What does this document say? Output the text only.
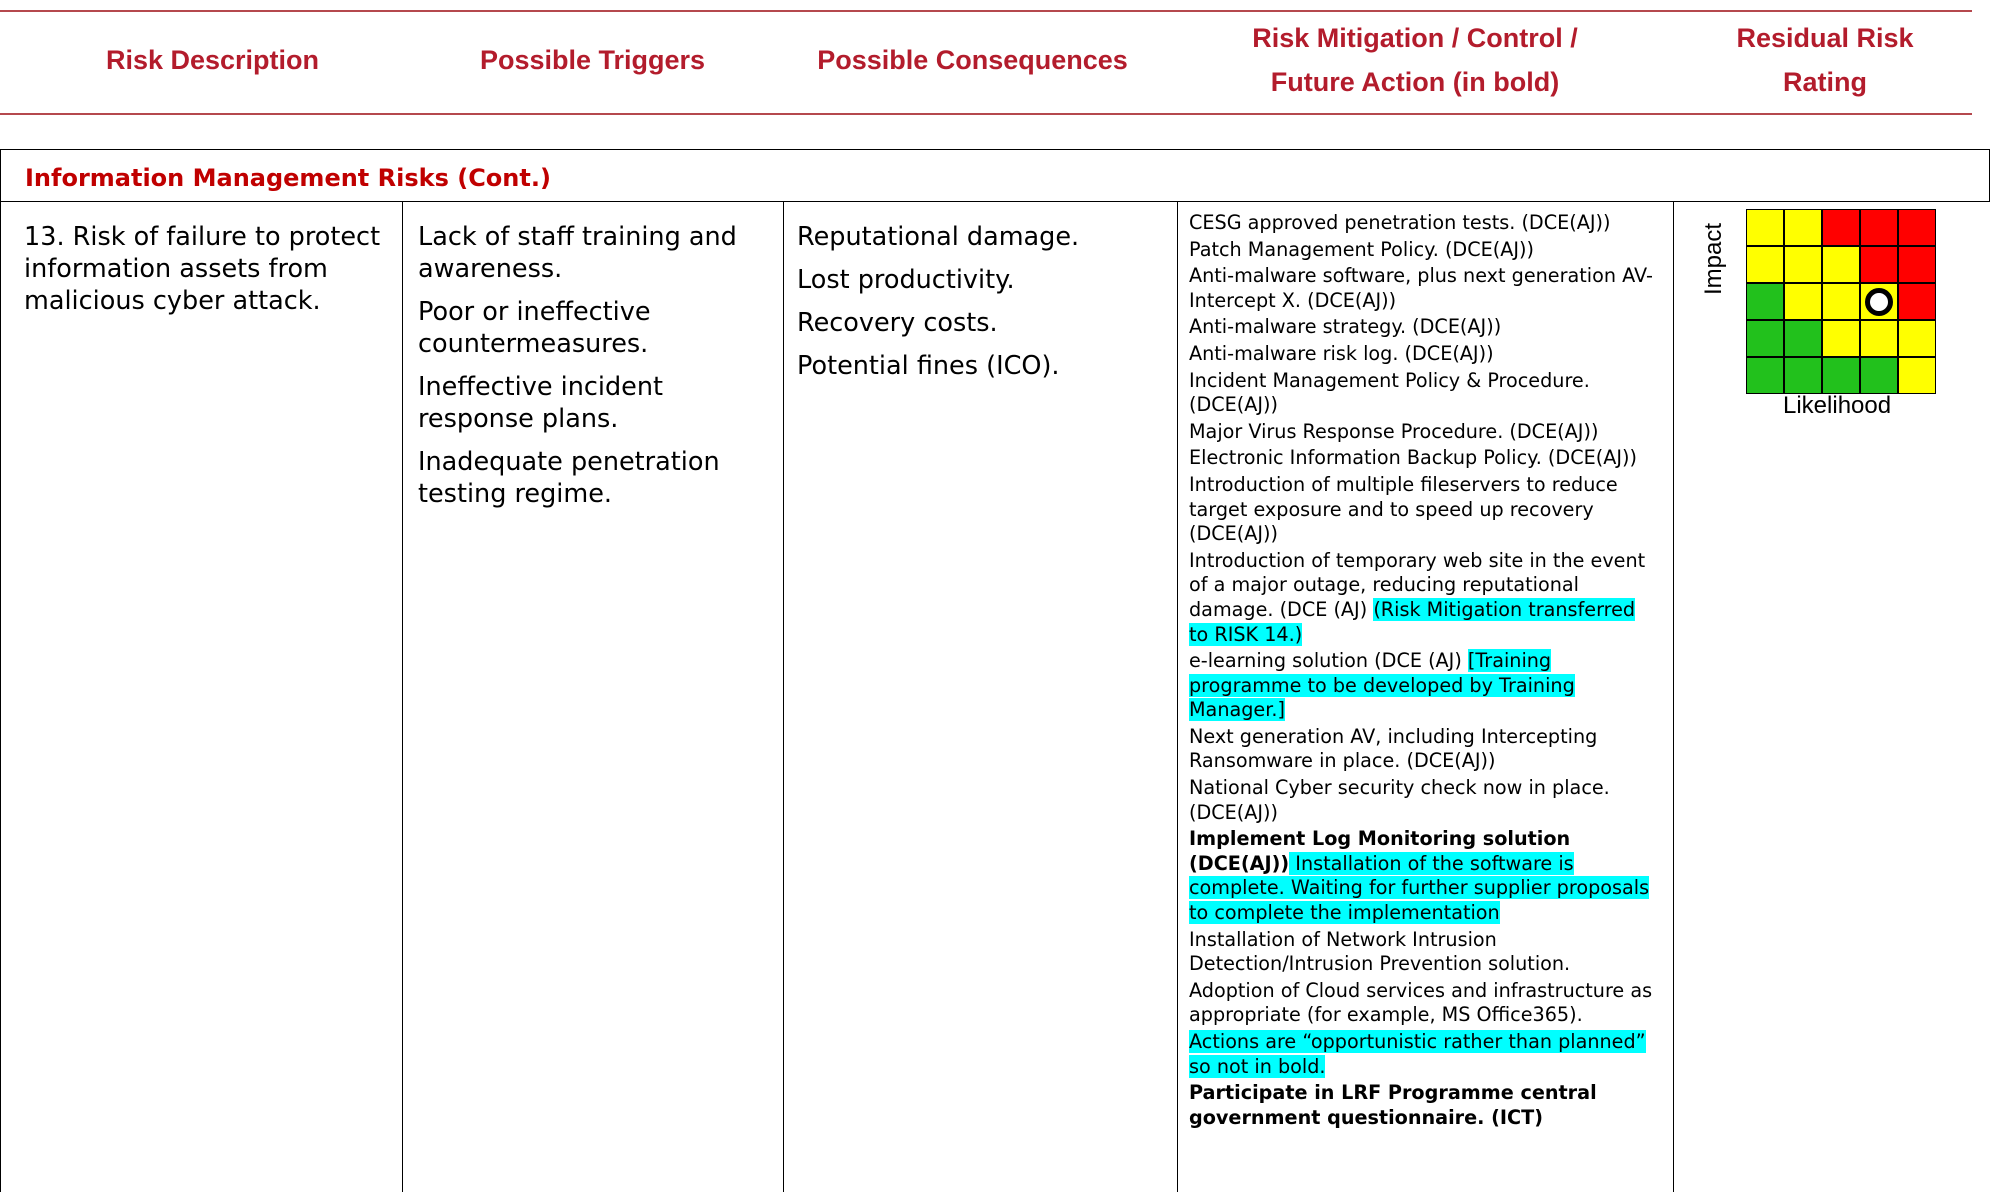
Risk Description	Possible Triggers	Possible Consequences
Risk Mitigation / Control /
Future Action (in bold)
Residual Risk
Rating
Information Management Risks (Cont.)
13. Risk of failure to protect information assets from malicious cyber attack.

Lack of staff training and awareness.

Poor or ineffective countermeasures.

Ineffective incident response plans.

Inadequate penetration testing regime.

Reputational damage.

Lost productivity.

Recovery costs.

Potential fines (ICO).

CESG approved penetration tests. (DCE(AJ))

Patch Management Policy. (DCE(AJ))

Anti-malware software, plus next generation AV- Intercept X. (DCE(AJ))

Anti-malware strategy. (DCE(AJ))

Anti-malware risk log. (DCE(AJ))

Incident Management Policy & Procedure. (DCE(AJ))

Major Virus Response Procedure. (DCE(AJ))

Electronic Information Backup Policy. (DCE(AJ))

Introduction of multiple fileservers to reduce target exposure and to speed up recovery (DCE(AJ))

Introduction of temporary web site in the event of a major outage, reducing reputational damage. (DCE (AJ) (Risk Mitigation transferred to RISK 14.)

e-learning solution (DCE (AJ) [Training programme to be developed by Training Manager.]

Next generation AV, including Intercepting Ransomware in place. (DCE(AJ))

National Cyber security check now in place. (DCE(AJ))

Implement Log Monitoring solution (DCE(AJ)) Installation of the software is complete. Waiting for further supplier proposals to complete the implementation

Installation of Network Intrusion Detection/Intrusion Prevention solution.

Adoption of Cloud services and infrastructure as appropriate (for example, MS Office365).

Actions are “opportunistic rather than planned” so not in bold.

Participate in LRF Programme central government questionnaire. (ICT)

Impact
Likelihood
